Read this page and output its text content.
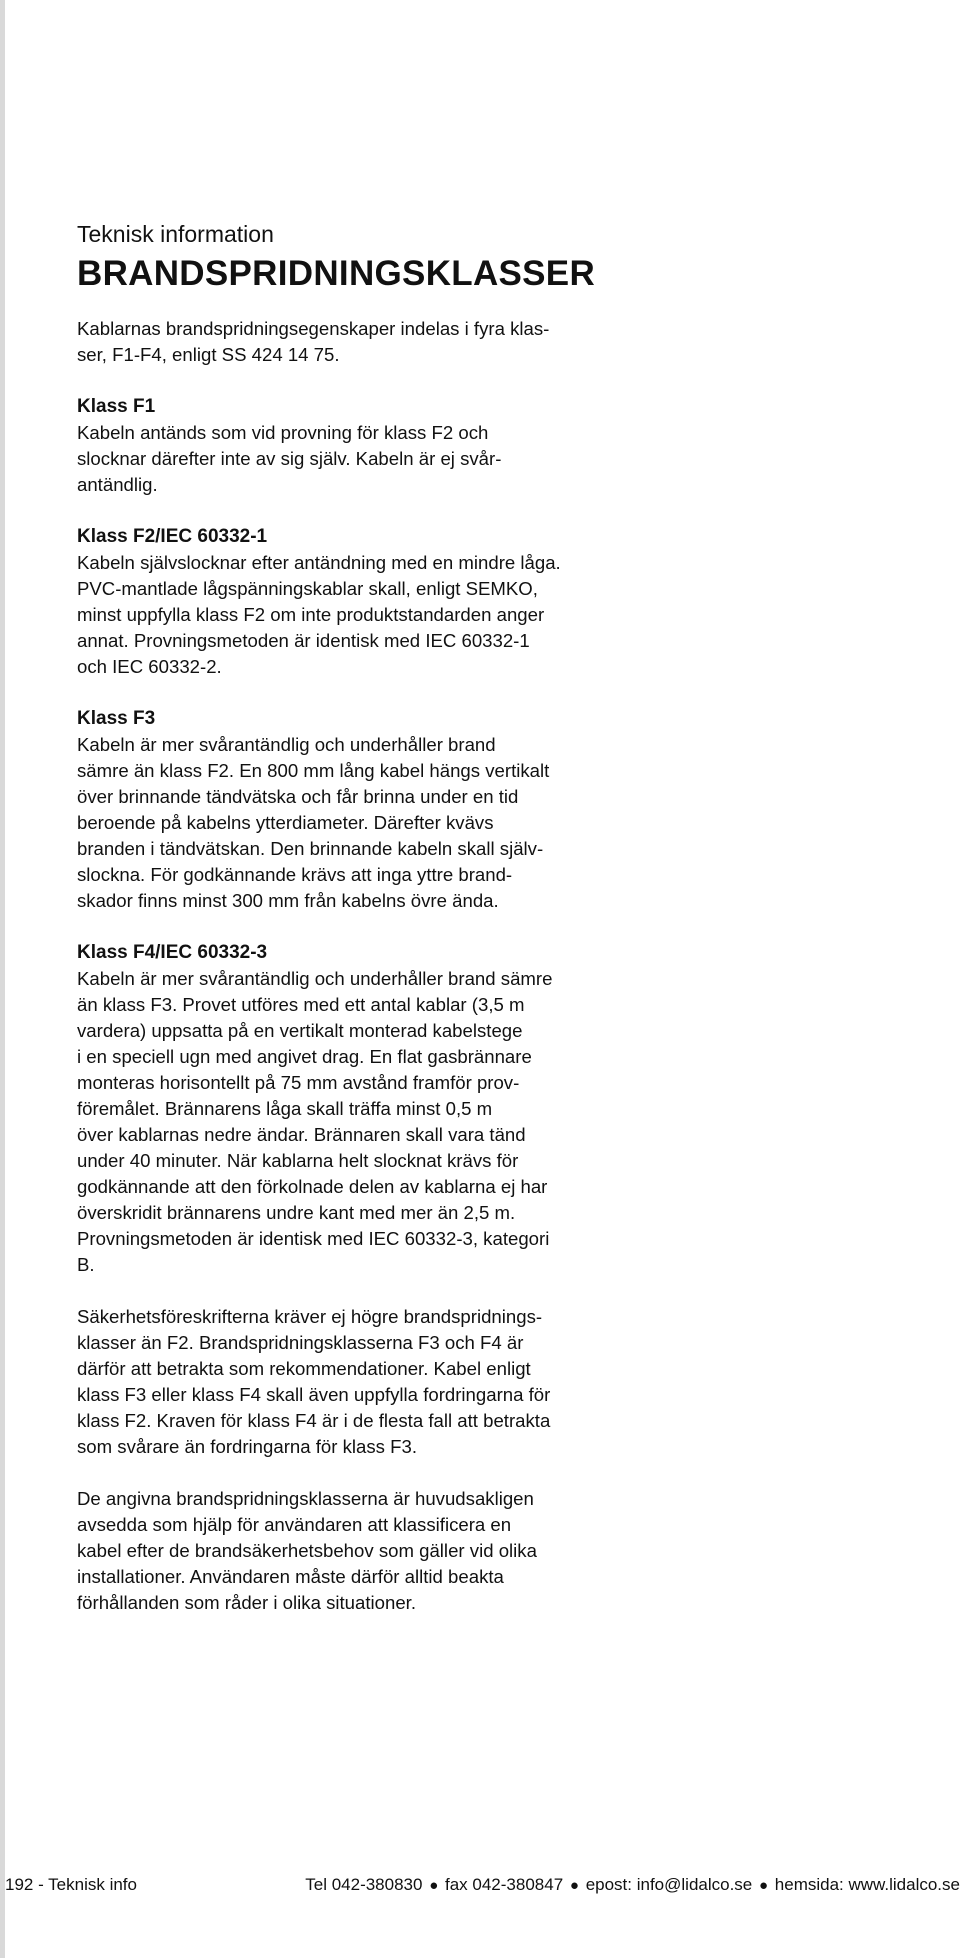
Teknisk information

BRANDSPRIDNINGSKLASSER

Kablarnas brandspridningsegenskaper indelas i fyra klas-
ser, F1-F4, enligt SS 424 14 75.

Klass F1

Kabeln antänds som vid provning för klass F2 och
slocknar därefter inte av sig själv. Kabeln är ej svår-
antändlig.

Klass F2/IEC 60332-1

Kabeln självslocknar efter antändning med en mindre låga.
PVC-mantlade lågspänningskablar skall, enligt SEMKO,
minst uppfylla klass F2 om inte produktstandarden anger
annat. Provningsmetoden är identisk med IEC 60332-1
och IEC 60332-2.

Klass F3

Kabeln är mer svårantändlig och underhåller brand
sämre än klass F2. En 800 mm lång kabel hängs vertikalt
över brinnande tändvätska och får brinna under en tid
beroende på kabelns ytterdiameter. Därefter kvävs
branden i tändvätskan. Den brinnande kabeln skall själv-
slockna. För godkännande krävs att inga yttre brand-
skador finns minst 300 mm från kabelns övre ända.

Klass F4/IEC 60332-3

Kabeln är mer svårantändlig och underhåller brand sämre
än klass F3. Provet utföres med ett antal kablar (3,5 m
vardera) uppsatta på en vertikalt monterad kabelstege
i en speciell ugn med angivet drag. En flat gasbrännare
monteras horisontellt på 75 mm avstånd framför prov-
föremålet. Brännarens låga skall träffa minst 0,5 m
över kablarnas nedre ändar. Brännaren skall vara tänd
under 40 minuter. När kablarna helt slocknat krävs för
godkännande att den förkolnade delen av kablarna ej har
överskridit brännarens undre kant med mer än 2,5 m.
Provningsmetoden är identisk med IEC 60332-3, kategori
B.

Säkerhetsföreskrifterna kräver ej högre brandspridnings-
klasser än F2. Brandspridningsklasserna F3 och F4 är
därför att betrakta som rekommendationer. Kabel enligt
klass F3 eller klass F4 skall även uppfylla fordringarna för
klass F2. Kraven för klass F4 är i de flesta fall att betrakta
som svårare än fordringarna för klass F3.

De angivna brandspridningsklasserna är huvudsakligen
avsedda som hjälp för användaren att klassificera en
kabel efter de brandsäkerhetsbehov som gäller vid olika
installationer. Användaren måste därför alltid beakta
förhållanden som råder i olika situationer.

192 - Teknisk info	Tel 042-380830 ● fax 042-380847 ● epost: info@lidalco.se ● hemsida: www.lidalco.se
